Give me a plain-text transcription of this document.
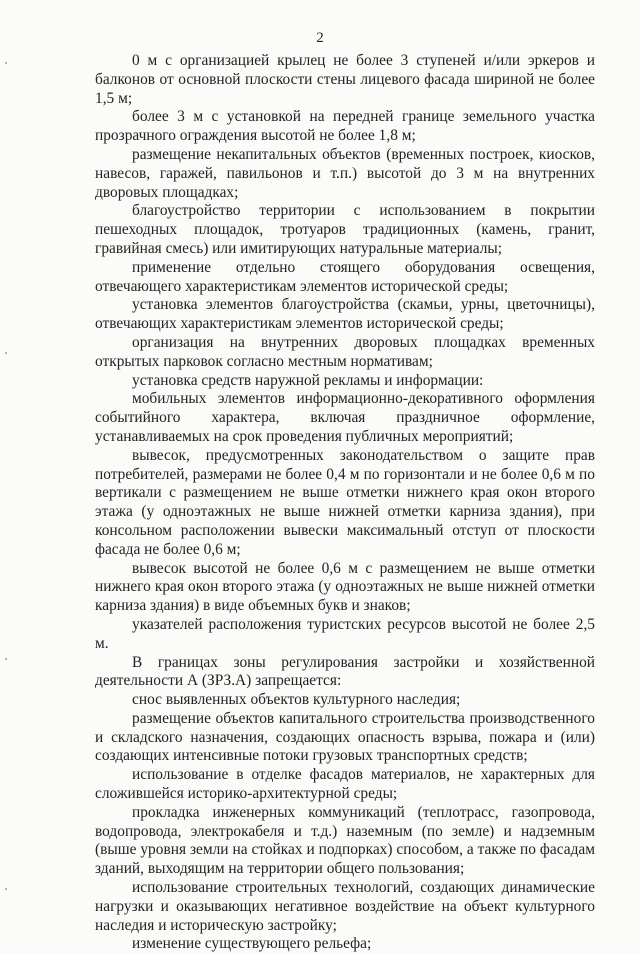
2

0 м с организацией крылец не более 3 ступеней и/или эркеров и балконов от основной плоскости стены лицевого фасада шириной не более 1,5 м;

более 3 м с установкой на передней границе земельного участка прозрачного ограждения высотой не более 1,8 м;

размещение некапитальных объектов (временных построек, киосков, навесов, гаражей, павильонов и т.п.) высотой до 3 м на внутренних дворовых площадках;

благоустройство территории с использованием в покрытии пешеходных площадок, тротуаров традиционных (камень, гранит, гравийная смесь) или имитирующих натуральные материалы;

применение отдельно стоящего оборудования освещения, отвечающего характеристикам элементов исторической среды;

установка элементов благоустройства (скамьи, урны, цветочницы), отвечающих характеристикам элементов исторической среды;

организация на внутренних дворовых площадках временных открытых парковок согласно местным нормативам;

установка средств наружной рекламы и информации:

мобильных элементов информационно-декоративного оформления событийного характера, включая праздничное оформление, устанавливаемых на срок проведения публичных мероприятий;

вывесок, предусмотренных законодательством о защите прав потребителей, размерами не более 0,4 м по горизонтали и не более 0,6 м по вертикали с размещением не выше отметки нижнего края окон второго этажа (у одноэтажных не выше нижней отметки карниза здания), при консольном расположении вывески максимальный отступ от плоскости фасада не более 0,6 м;

вывесок высотой не более 0,6 м с размещением не выше отметки нижнего края окон второго этажа (у одноэтажных не выше нижней отметки карниза здания) в виде объемных букв и знаков;

указателей расположения туристских ресурсов высотой не более 2,5 м.

В границах зоны регулирования застройки и хозяйственной деятельности А (ЗРЗ.А) запрещается:

снос выявленных объектов культурного наследия;

размещение объектов капитального строительства производственного и складского назначения, создающих опасность взрыва, пожара и (или) создающих интенсивные потоки грузовых транспортных средств;

использование в отделке фасадов материалов, не характерных для сложившейся историко-архитектурной среды;

прокладка инженерных коммуникаций (теплотрасс, газопровода, водопровода, электрокабеля и т.д.) наземным (по земле) и надземным (выше уровня земли на стойках и подпорках) способом, а также по фасадам зданий, выходящим на территории общего пользования;

использование строительных технологий, создающих динамические нагрузки и оказывающих негативное воздействие на объект культурного наследия и историческую застройку;

изменение существующего рельефа;
